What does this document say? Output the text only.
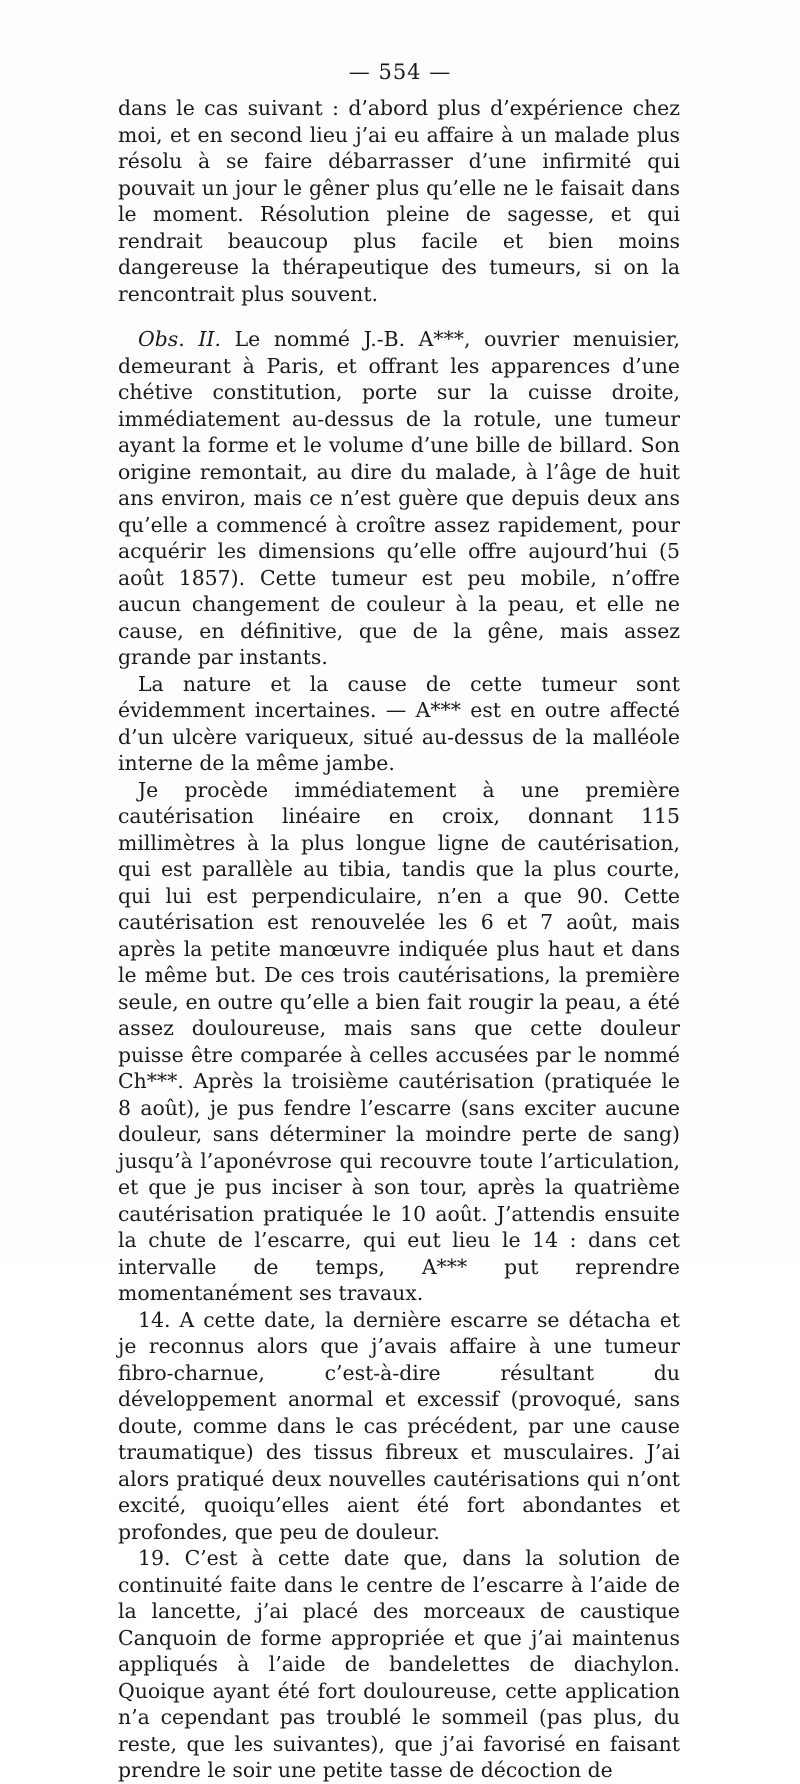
— 554 —

dans le cas suivant : d’abord plus d’expérience chez moi, et en second lieu j’ai eu affaire à un malade plus résolu à se faire débarrasser d’une infirmité qui pouvait un jour le gêner plus qu’elle ne le faisait dans le moment. Résolution pleine de sagesse, et qui rendrait beaucoup plus facile et bien moins dangereuse la thérapeutique des tumeurs, si on la rencontrait plus souvent.

Obs. II. Le nommé J.-B. A***, ouvrier menuisier, demeurant à Paris, et offrant les apparences d’une chétive constitution, porte sur la cuisse droite, immédiatement au-dessus de la rotule, une tumeur ayant la forme et le volume d’une bille de billard. Son origine remontait, au dire du malade, à l’âge de huit ans environ, mais ce n’est guère que depuis deux ans qu’elle a commencé à croître assez rapidement, pour acquérir les dimensions qu’elle offre aujourd’hui (5 août 1857). Cette tumeur est peu mobile, n’offre aucun changement de couleur à la peau, et elle ne cause, en définitive, que de la gêne, mais assez grande par instants.

La nature et la cause de cette tumeur sont évidemment incertaines. — A*** est en outre affecté d’un ulcère variqueux, situé au-dessus de la malléole interne de la même jambe.

Je procède immédiatement à une première cautérisation linéaire en croix, donnant 115 millimètres à la plus longue ligne de cautérisation, qui est parallèle au tibia, tandis que la plus courte, qui lui est perpendiculaire, n’en a que 90. Cette cautérisation est renouvelée les 6 et 7 août, mais après la petite manœuvre indiquée plus haut et dans le même but. De ces trois cautérisations, la première seule, en outre qu’elle a bien fait rougir la peau, a été assez douloureuse, mais sans que cette douleur puisse être comparée à celles accusées par le nommé Ch***. Après la troisième cautérisation (pratiquée le 8 août), je pus fendre l’escarre (sans exciter aucune douleur, sans déterminer la moindre perte de sang) jusqu’à l’aponévrose qui recouvre toute l’articulation, et que je pus inciser à son tour, après la quatrième cautérisation pratiquée le 10 août. J’attendis ensuite la chute de l’escarre, qui eut lieu le 14 : dans cet intervalle de temps, A*** put reprendre momentanément ses travaux.

14. A cette date, la dernière escarre se détacha et je reconnus alors que j’avais affaire à une tumeur fibro-charnue, c’est-à-dire résultant du développement anormal et excessif (provoqué, sans doute, comme dans le cas précédent, par une cause traumatique) des tissus fibreux et musculaires. J’ai alors pratiqué deux nouvelles cautérisations qui n’ont excité, quoiqu’elles aient été fort abondantes et profondes, que peu de douleur.

19. C’est à cette date que, dans la solution de continuité faite dans le centre de l’escarre à l’aide de la lancette, j’ai placé des morceaux de caustique Canquoin de forme appropriée et que j’ai maintenus appliqués à l’aide de bandelettes de diachylon. Quoique ayant été fort douloureuse, cette application n’a cependant pas troublé le sommeil (pas plus, du reste, que les suivantes), que j’ai favorisé en faisant prendre le soir une petite tasse de décoction de
